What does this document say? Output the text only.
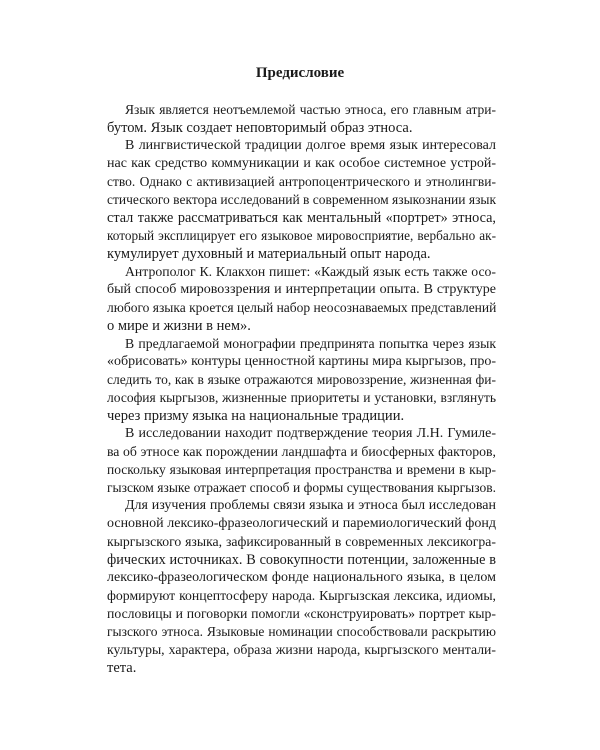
Предисловие
Язык является неотъемлемой частью этноса, его главным атри-
бутом. Язык создает неповторимый образ этноса.
В лингвистической традиции долгое время язык интересовал
нас как средство коммуникации и как особое системное устрой-
ство. Однако с активизацией антропоцентрического и этнолингви-
стического вектора исследований в современном языкознании язык
стал также рассматриваться как ментальный «портрет» этноса,
который эксплицирует его языковое мировосприятие, вербально ак-
кумулирует духовный и материальный опыт народа.
Антрополог К. Клакхон пишет: «Каждый язык есть также осо-
бый способ мировоззрения и интерпретации опыта. В структуре
любого языка кроется целый набор неосознаваемых представлений
о мире и жизни в нем».
В предлагаемой монографии предпринята попытка через язык
«обрисовать» контуры ценностной картины мира кыргызов, про-
следить то, как в языке отражаются мировоззрение, жизненная фи-
лософия кыргызов, жизненные приоритеты и установки, взглянуть
через призму языка на национальные традиции.
В исследовании находит подтверждение теория Л.Н. Гумиле-
ва об этносе как порождении ландшафта и биосферных факторов,
поскольку языковая интерпретация пространства и времени в кыр-
гызском языке отражает способ и формы существования кыргызов.
Для изучения проблемы связи языка и этноса был исследован
основной лексико-фразеологический и паремиологический фонд
кыргызского языка, зафиксированный в современных лексикогра-
фических источниках. В совокупности потенции, заложенные в
лексико-фразеологическом фонде национального языка, в целом
формируют концептосферу народа. Кыргызская лексика, идиомы,
пословицы и поговорки помогли «сконструировать» портрет кыр-
гызского этноса. Языковые номинации способствовали раскрытию
культуры, характера, образа жизни народа, кыргызского ментали-
тета.
